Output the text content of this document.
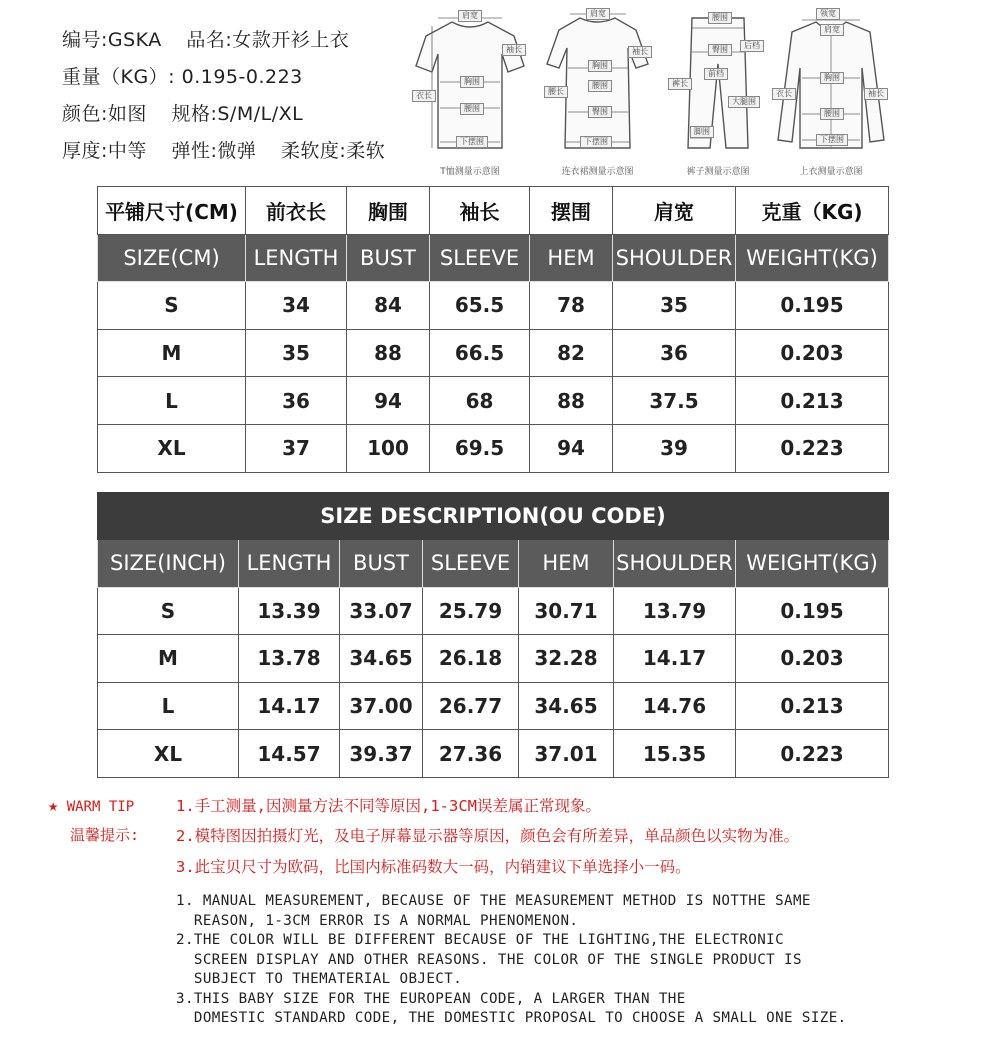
编号:GSKA 品名:女款开衫上衣
重量（KG）: 0.195-0.223
颜色:如图 规格:S/M/L/XL
厚度:中等 弹性:微弹 柔软度:柔软
肩宽
袖长
衣长
胸围
腰围
下摆围
T恤测量示意图
肩宽
袖长
胸围
腰长
腰围
臀围
下摆围
连衣裙测量示意图
腰围
臀围
前档
裤长
后档
大腿围
脚围
裤子测量示意图
领宽
肩宽
衣长
胸围
袖长
腰围
下摆围
上衣测量示意图
平铺尺寸(CM)	前衣长	胸围	袖长	摆围	肩宽	克重（KG)
SIZE(CM)	LENGTH	BUST	SLEEVE	HEM	SHOULDER	WEIGHT(KG)
S	34	84	65.5	78	35	0.195
M	35	88	66.5	82	36	0.203
L	36	94	68	88	37.5	0.213
XL	37	100	69.5	94	39	0.223
SIZE DESCRIPTION(OU CODE)						
SIZE(INCH)	LENGTH	BUST	SLEEVE	HEM	SHOULDER	WEIGHT(KG)
S	13.39	33.07	25.79	30.71	13.79	0.195
M	13.78	34.65	26.18	32.28	14.17	0.203
L	14.17	37.00	26.77	34.65	14.76	0.213
XL	14.57	39.37	27.36	37.01	15.35	0.223
★ WARM TIP
温馨提示:
1.手工测量,因测量方法不同等原因,1-3CM误差属正常现象。
2.模特图因拍摄灯光，及电子屏幕显示器等原因，颜色会有所差异，单品颜色以实物为准。
3.此宝贝尺寸为欧码，比国内标准码数大一码，内销建议下单选择小一码。
1. MANUAL MEASUREMENT, BECAUSE OF THE MEASUREMENT METHOD IS NOTTHE SAME
REASON, 1-3CM ERROR IS A NORMAL PHENOMENON.
2.THE COLOR WILL BE DIFFERENT BECAUSE OF THE LIGHTING,THE ELECTRONIC
SCREEN DISPLAY AND OTHER REASONS. THE COLOR OF THE SINGLE PRODUCT IS
SUBJECT TO THEMATERIAL OBJECT.
3.THIS BABY SIZE FOR THE EUROPEAN CODE, A LARGER THAN THE
DOMESTIC STANDARD CODE, THE DOMESTIC PROPOSAL TO CHOOSE A SMALL ONE SIZE.
